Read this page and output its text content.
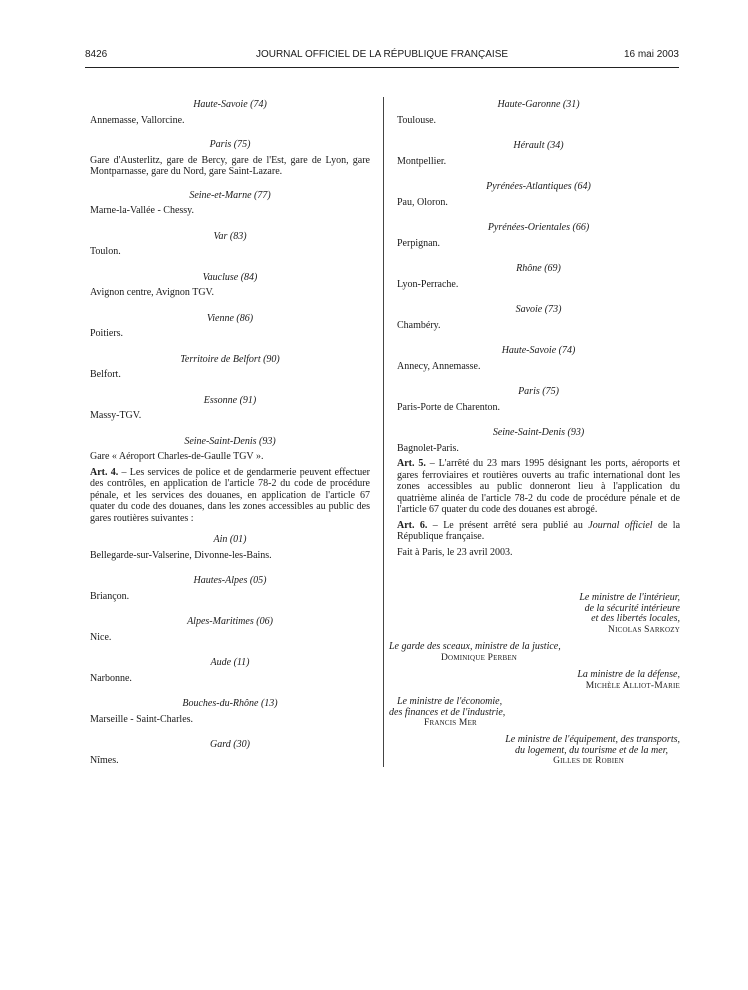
8426	JOURNAL OFFICIEL DE LA RÉPUBLIQUE FRANÇAISE	16 mai 2003

Haute-Savoie (74)

Annemasse, Vallorcine.

Paris (75)

Gare d'Austerlitz, gare de Bercy, gare de l'Est, gare de Lyon, gare Montparnasse, gare du Nord, gare Saint-Lazare.

Seine-et-Marne (77)

Marne-la-Vallée - Chessy.

Var (83)

Toulon.

Vaucluse (84)

Avignon centre, Avignon TGV.

Vienne (86)

Poitiers.

Territoire de Belfort (90)

Belfort.

Essonne (91)

Massy-TGV.

Seine-Saint-Denis (93)

Gare « Aéroport Charles-de-Gaulle TGV ».

Art. 4. – Les services de police et de gendarmerie peuvent effectuer des contrôles, en application de l'article 78-2 du code de procédure pénale, et les services des douanes, en application de l'article 67 quater du code des douanes, dans les zones accessibles au public des gares routières suivantes :

Ain (01)

Bellegarde-sur-Valserine, Divonne-les-Bains.

Hautes-Alpes (05)

Briançon.

Alpes-Maritimes (06)

Nice.

Aude (11)

Narbonne.

Bouches-du-Rhône (13)

Marseille - Saint-Charles.

Gard (30)

Nîmes.

Haute-Garonne (31)

Toulouse.

Hérault (34)

Montpellier.

Pyrénées-Atlantiques (64)

Pau, Oloron.

Pyrénées-Orientales (66)

Perpignan.

Rhône (69)

Lyon-Perrache.

Savoie (73)

Chambéry.

Haute-Savoie (74)

Annecy, Annemasse.

Paris (75)

Paris-Porte de Charenton.

Seine-Saint-Denis (93)

Bagnolet-Paris.

Art. 5. – L'arrêté du 23 mars 1995 désignant les ports, aéroports et gares ferroviaires et routières ouverts au trafic international dont les zones accessibles au public donneront lieu à l'application du quatrième alinéa de l'article 78-2 du code de procédure pénale et de l'article 67 quater du code des douanes est abrogé.

Art. 6. – Le présent arrêté sera publié au Journal officiel de la République française.

Fait à Paris, le 23 avril 2003.

Le ministre de l'intérieur,

de la sécurité intérieure

et des libertés locales,

Nicolas Sarkozy

Le garde des sceaux, ministre de la justice,

Dominique Perben

La ministre de la défense,

Michèle Alliot-Marie

Le ministre de l'économie,

des finances et de l'industrie,

Francis Mer

Le ministre de l'équipement, des transports,

du logement, du tourisme et de la mer,

Gilles de Robien
